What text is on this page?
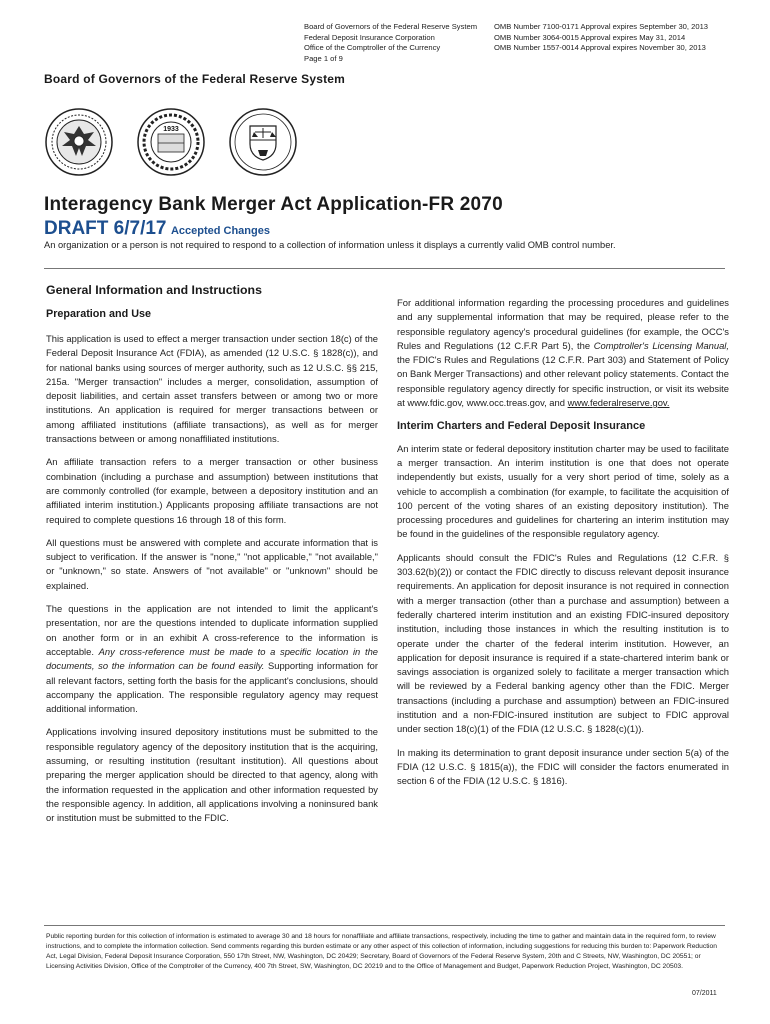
Board of Governors of the Federal Reserve System	OMB Number 7100-0171 Approval expires September 30, 2013
Federal Deposit Insurance Corporation	OMB Number 3064-0015 Approval expires May 31, 2014
Office of the Comptroller of the Currency	OMB Number 1557-0014 Approval expires November 30, 2013
Page 1 of 9
Board of Governors of the Federal Reserve System
1933
Interagency Bank Merger Act Application-FR 2070
DRAFT 6/7/17 Accepted Changes
An organization or a person is not required to respond to a collection of information unless it displays a currently valid OMB control number.
General Information and Instructions
Preparation and Use

This application is used to effect a merger transaction under section 18(c) of the Federal Deposit Insurance Act (FDIA), as amended (12 U.S.C. § 1828(c)), and for national banks using sources of merger authority, such as 12 U.S.C. §§ 215, 215a. "Merger transaction" includes a merger, consolidation, assumption of deposit liabilities, and certain asset transfers between or among two or more institutions. An application is required for merger transactions between or among affiliated institutions (affiliate transactions), as well as for merger transactions between or among nonaffiliated institutions.

An affiliate transaction refers to a merger transaction or other business combination (including a purchase and assumption) between institutions that are commonly controlled (for example, between a depository institution and an affiliated interim institution.) Applicants proposing affiliate transactions are not required to complete questions 16 through 18 of this form.

All questions must be answered with complete and accurate information that is subject to verification. If the answer is "none," "not applicable," "not available," or "unknown," so state. Answers of "not available" or "unknown" should be explained.

The questions in the application are not intended to limit the applicant's presentation, nor are the questions intended to duplicate information supplied on another form or in an exhibit A cross-reference to the information is acceptable. Any cross-reference must be made to a specific location in the documents, so the information can be found easily. Supporting information for all relevant factors, setting forth the basis for the applicant's conclusions, should accompany the application. The responsible regulatory agency may request additional information.

Applications involving insured depository institutions must be submitted to the responsible regulatory agency of the depository institution that is the acquiring, assuming, or resulting institution (resultant institution). All questions about preparing the merger application should be directed to that agency, along with the information requested in the application and other information requested by the responsible agency. In addition, all applications involving a noninsured bank or institution must be submitted to the FDIC.

For additional information regarding the processing procedures and guidelines and any supplemental information that may be required, please refer to the responsible regulatory agency's procedural guidelines (for example, the OCC's Rules and Regulations (12 C.F.R Part 5), the Comptroller's Licensing Manual, the FDIC's Rules and Regulations (12 C.F.R. Part 303) and Statement of Policy on Bank Merger Transactions) and other relevant policy statements. Contact the responsible regulatory agency directly for specific instruction, or visit its website at www.fdic.gov, www.occ.treas.gov, and www.federalreserve.gov.

Interim Charters and Federal Deposit Insurance

An interim state or federal depository institution charter may be used to facilitate a merger transaction. An interim institution is one that does not operate independently but exists, usually for a very short period of time, solely as a vehicle to accomplish a combination (for example, to facilitate the acquisition of 100 percent of the voting shares of an existing depository institution). The processing procedures and guidelines for chartering an interim institution may be found in the guidelines of the responsible regulatory agency.

Applicants should consult the FDIC's Rules and Regulations (12 C.F.R. § 303.62(b)(2)) or contact the FDIC directly to discuss relevant deposit insurance requirements. An application for deposit insurance is not required in connection with a merger transaction (other than a purchase and assumption) between a federally chartered interim institution and an existing FDIC-insured depository institution, including those instances in which the resulting institution is to operate under the charter of the federal interim institution. However, an application for deposit insurance is required if a state-chartered interim bank or savings association is organized solely to facilitate a merger transaction which will be reviewed by a Federal banking agency other than the FDIC. Merger transactions (including a purchase and assumption) between an FDIC-insured institution and a non-FDIC-insured institution are subject to FDIC approval under section 18(c)(1) of the FDIA (12 U.S.C. § 1828(c)(1)).

In making its determination to grant deposit insurance under section 5(a) of the FDIA (12 U.S.C. § 1815(a)), the FDIC will consider the factors enumerated in section 6 of the FDIA (12 U.S.C. § 1816).

Public reporting burden for this collection of information is estimated to average 30 and 18 hours for nonaffiliate and affiliate transactions, respectively, including the time to gather and maintain data in the required form, to review instructions, and to complete the information collection. Send comments regarding this burden estimate or any other aspect of this collection of information, including suggestions for reducing this burden to: Paperwork Reduction Act, Legal Division, Federal Deposit Insurance Corporation, 550 17th Street, NW, Washington, DC 20429; Secretary, Board of Governors of the Federal Reserve System, 20th and C Streets, NW, Washington, DC 20551; or Licensing Activities Division, Office of the Comptroller of the Currency, 400 7th Street, SW, Washington, DC 20219 and to the Office of Management and Budget, Paperwork Reduction Project, Washington, DC 20503.
07/2011
